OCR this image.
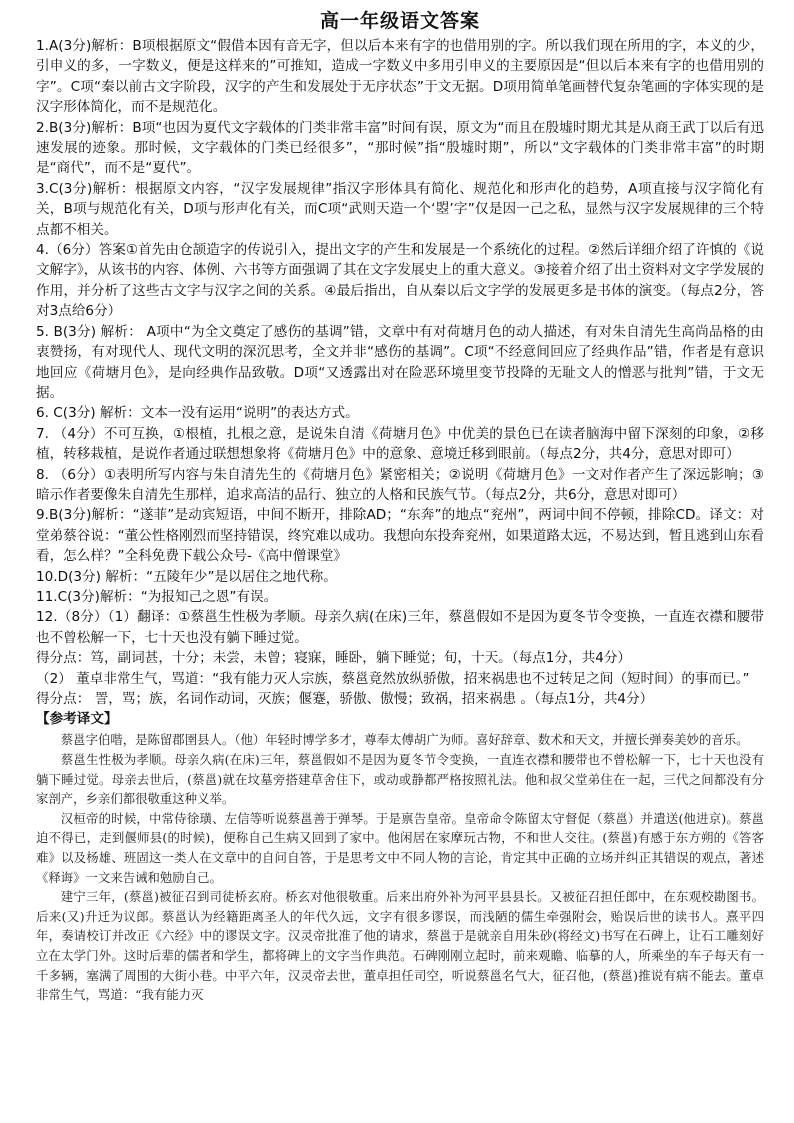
高一年级语文答案

1.A(3分)解析：B项根据原文“假借本因有音无字，但以后本来有字的也借用别的字。所以我们现在所用的字，本义的少，引申义的多，一字数义，便是这样来的”可推知，造成一字数义中多用引申义的主要原因是“但以后本来有字的也借用别的字”。C项“秦以前古文字阶段，汉字的产生和发展处于无序状态”于文无据。D项用简单笔画替代复杂笔画的字体实现的是汉字形体简化，而不是规范化。

2.B(3分)解析：B项“也因为夏代文字载体的门类非常丰富”时间有误，原文为“而且在殷墟时期尤其是从商王武丁以后有迅速发展的迹象。那时候，文字载体的门类已经很多”，“那时候”指“殷墟时期”，所以“文字载体的门类非常丰富”的时期是“商代”，而不是“夏代”。

3.C(3分)解析：根据原文内容，“汉字发展规律”指汉字形体具有简化、规范化和形声化的趋势，A项直接与汉字简化有关，B项与规范化有关，D项与形声化有关，而C项“武则天造一个‘曌’字”仅是因一己之私，显然与汉字发展规律的三个特点都不相关。

4.（6分）答案①首先由仓颉造字的传说引入，提出文字的产生和发展是一个系统化的过程。②然后详细介绍了许慎的《说文解字》，从该书的内容、体例、六书等方面强调了其在文字发展史上的重大意义。③接着介绍了出土资料对文字学发展的作用，并分析了这些古文字与汉字之间的关系。④最后指出，自从秦以后文字学的发展更多是书体的演变。（每点2分，答对3点给6分）

5. B(3分) 解析： A项中“为全文奠定了感伤的基调”错，文章中有对荷塘月色的动人描述，有对朱自清先生高尚品格的由衷赞扬，有对现代人、现代文明的深沉思考，全文并非“感伤的基调”。C项“不经意间回应了经典作品”错，作者是有意识地回应《荷塘月色》，是向经典作品致敬。D项“又透露出对在险恶环境里变节投降的无耻文人的憎恶与批判”错，于文无据。

6. C(3分) 解析：文本一没有运用“说明”的表达方式。

7. （4分）不可互换，①根植，扎根之意，是说朱自清《荷塘月色》中优美的景色已在读者脑海中留下深刻的印象，②移植，转移栽植，是说作者通过联想想象将《荷塘月色》中的意象、意境迁移到眼前。（每点2分，共4分，意思对即可）

8. （6分）①表明所写内容与朱自清先生的《荷塘月色》紧密相关；②说明《荷塘月色》一文对作者产生了深远影响；③暗示作者要像朱自清先生那样，追求高洁的品行、独立的人格和民族气节。（每点2分，共6分，意思对即可）

9.B(3分)解析：“遂菲”是动宾短语，中间不断开，排除AD；“东奔”的地点“兖州”，两词中间不停顿，排除CD。译文：对堂弟蔡谷说：“董公性格刚烈而坚持错误，终究难以成功。我想向东投奔兖州，如果道路太远，不易达到，暂且逃到山东看看，怎么样？”全科免费下载公众号-《高中僧课堂》

10.D(3分) 解析：“五陵年少”是以居住之地代称。

11.C(3分)解析：“为报知己之恩”有误。

12.（8分）（1）翻译：①蔡邕生性极为孝顺。母亲久病(在床)三年，蔡邕假如不是因为夏冬节令变换，一直连衣襟和腰带也不曾松解一下，七十天也没有躺下睡过觉。

得分点：笃，副词甚，十分；未尝，未曾；寝寐，睡卧，躺下睡觉；旬，十天。（每点1分，共4分）

（2） 董卓非常生气，骂道：“我有能力灭人宗族，蔡邕竟然放纵骄傲，招来祸患也不过转足之间（短时间）的事而已。”

得分点： 詈，骂；族，名词作动词，灭族；偃蹇，骄傲、傲慢；致祸，招来祸患 。（每点1分，共4分）

【参考译文】

蔡邕字伯喈，是陈留郡圉县人。（他）年轻时博学多才，尊奉太傅胡广为师。喜好辞章、数术和天文，并擅长弹奏美妙的音乐。

蔡邕生性极为孝顺。母亲久病(在床)三年，蔡邕假如不是因为夏冬节令变换，一直连衣襟和腰带也不曾松解一下，七十天也没有躺下睡过觉。母亲去世后，(蔡邕)就在坟墓旁搭建草舍住下，或动或静都严格按照礼法。他和叔父堂弟住在一起，三代之间都没有分家剖产，乡亲们都很敬重这种义举。

汉桓帝的时候，中常侍徐璜、左信等听说蔡邕善于弹琴。于是禀告皇帝。皇帝命令陈留太守督促（蔡邕）并遣送(他进京)。蔡邕迫不得已，走到偃师县(的时候)，便称自己生病又回到了家中。他闲居在家摩玩古物，不和世人交往。(蔡邕)有感于东方朔的《答客难》以及杨雄、班固这一类人在文章中的自问自答，于是思考文中不同人物的言论，肯定其中正确的立场并纠正其错误的观点，著述《释诲》一文来告诫和勉励自己。

建宁三年，(蔡邕)被征召到司徒桥玄府。桥玄对他很敬重。后来出府外补为河平县县长。又被征召担任郎中，在东观校勘图书。后来(又)升迁为议郎。蔡邕认为经籍距离圣人的年代久远，文字有很多谬误，而浅陋的儒生牵强附会，贻误后世的读书人。熹平四年，奏请校订并改正《六经》中的谬误文字。汉灵帝批准了他的请求，蔡邕于是就亲自用朱砂(将经文)书写在石碑上，让石工雕刻好立在太学门外。这时后辈的儒者和学生，都将碑上的文字当作典范。石碑刚刚立起时，前来观瞻、临摹的人，所乘坐的车子每天有一千多辆，塞满了周围的大街小巷。中平六年，汉灵帝去世，董卓担任司空，听说蔡邕名气大，征召他，(蔡邕)推说有病不能去。董卓非常生气，骂道：“我有能力灭
